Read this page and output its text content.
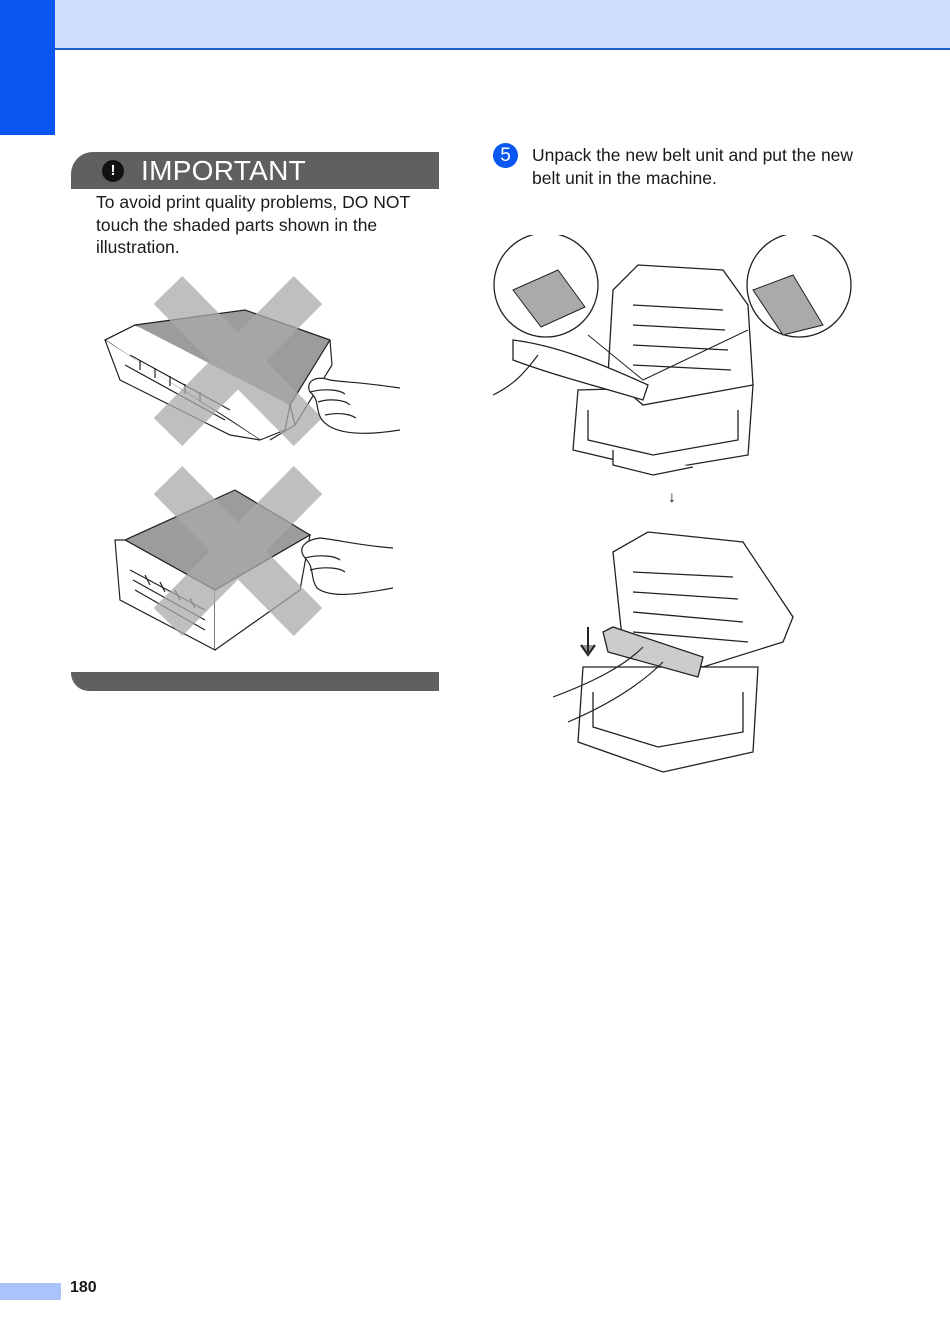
! IMPORTANT
To avoid print quality problems, DO NOT touch the shaded parts shown in the illustration.
5	Unpack the new belt unit and put the new belt unit in the machine.
↓
180
